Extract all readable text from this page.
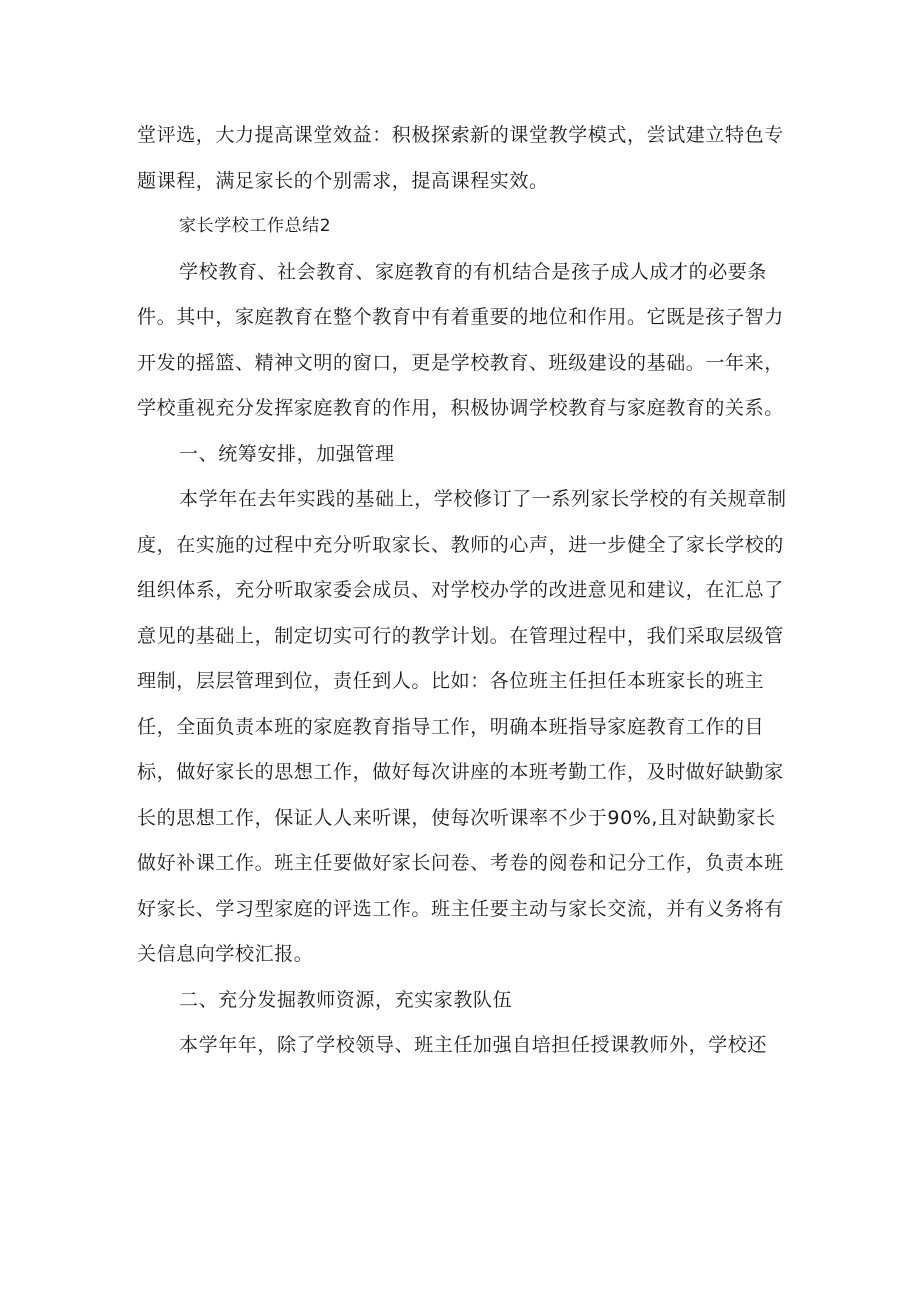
堂评选，大力提高课堂效益：积极探索新的课堂教学模式，尝试建立特色专题课程，满足家长的个别需求，提高课程实效。

家长学校工作总结2

学校教育、社会教育、家庭教育的有机结合是孩子成人成才的必要条件。其中，家庭教育在整个教育中有着重要的地位和作用。它既是孩子智力开发的摇篮、精神文明的窗口，更是学校教育、班级建设的基础。一年来，学校重视充分发挥家庭教育的作用，积极协调学校教育与家庭教育的关系。

一、统筹安排，加强管理

本学年在去年实践的基础上，学校修订了一系列家长学校的有关规章制度，在实施的过程中充分听取家长、教师的心声，进一步健全了家长学校的组织体系，充分听取家委会成员、对学校办学的改进意见和建议，在汇总了意见的基础上，制定切实可行的教学计划。在管理过程中，我们采取层级管理制，层层管理到位，责任到人。比如：各位班主任担任本班家长的班主任，全面负责本班的家庭教育指导工作，明确本班指导家庭教育工作的目标，做好家长的思想工作，做好每次讲座的本班考勤工作，及时做好缺勤家长的思想工作，保证人人来听课，使每次听课率不少于90%,且对缺勤家长做好补课工作。班主任要做好家长问卷、考卷的阅卷和记分工作，负责本班好家长、学习型家庭的评选工作。班主任要主动与家长交流，并有义务将有关信息向学校汇报。

二、充分发掘教师资源，充实家教队伍

本学年年，除了学校领导、班主任加强自培担任授课教师外，学校还
